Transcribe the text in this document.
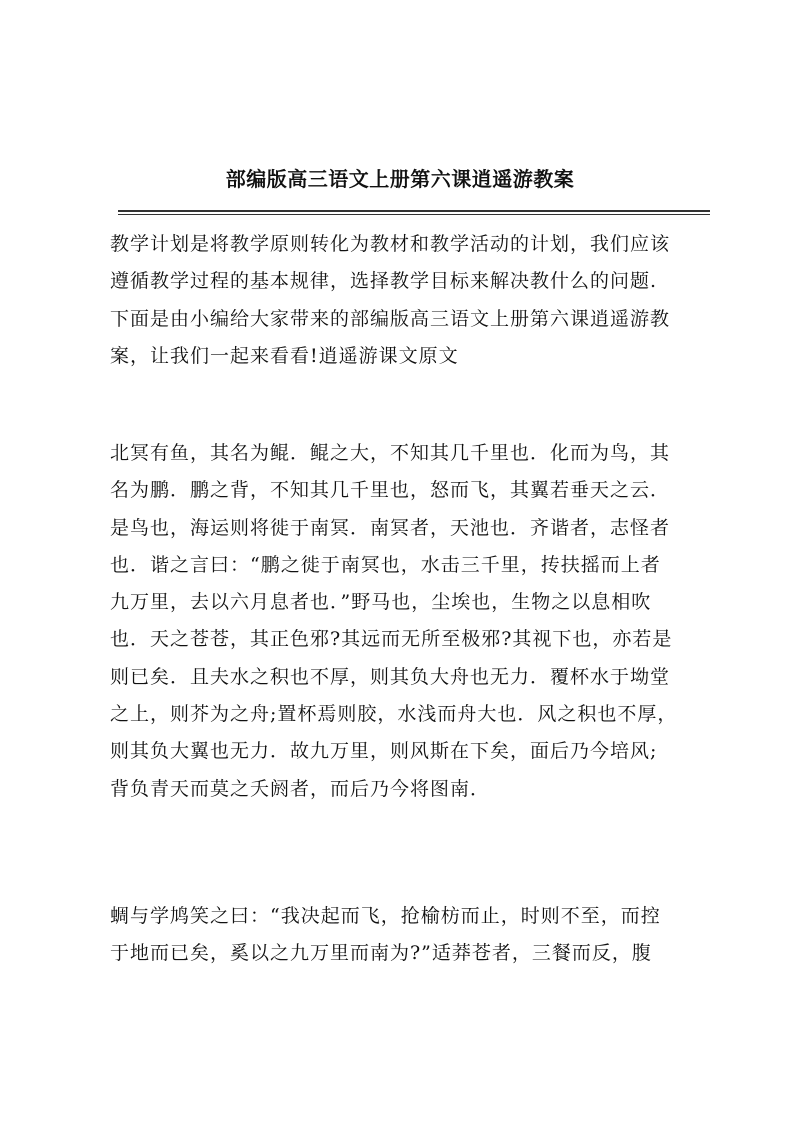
部编版高三语文上册第六课逍遥游教案
教学计划是将教学原则转化为教材和教学活动的计划，我们应该
遵循教学过程的基本规律，选择教学目标来解决教什么的问题.
下面是由小编给大家带来的部编版高三语文上册第六课逍遥游教
案，让我们一起来看看!逍遥游课文原文
北冥有鱼，其名为鲲．鲲之大，不知其几千里也．化而为鸟，其
名为鹏．鹏之背，不知其几千里也，怒而飞，其翼若垂天之云．
是鸟也，海运则将徙于南冥．南冥者，天池也．齐谐者，志怪者
也．谐之言曰：“鹏之徙于南冥也，水击三千里，抟扶摇而上者
九万里，去以六月息者也．”野马也，尘埃也，生物之以息相吹
也．天之苍苍，其正色邪?其远而无所至极邪?其视下也，亦若是
则已矣．且夫水之积也不厚，则其负大舟也无力．覆杯水于坳堂
之上，则芥为之舟;置杯焉则胶，水浅而舟大也．风之积也不厚，
则其负大翼也无力．故九万里，则风斯在下矣，面后乃今培风;
背负青天而莫之夭阏者，而后乃今将图南．
蜩与学鸠笑之曰：“我决起而飞，抢榆枋而止，时则不至，而控
于地而已矣，奚以之九万里而南为?”适莽苍者，三餐而反，腹
